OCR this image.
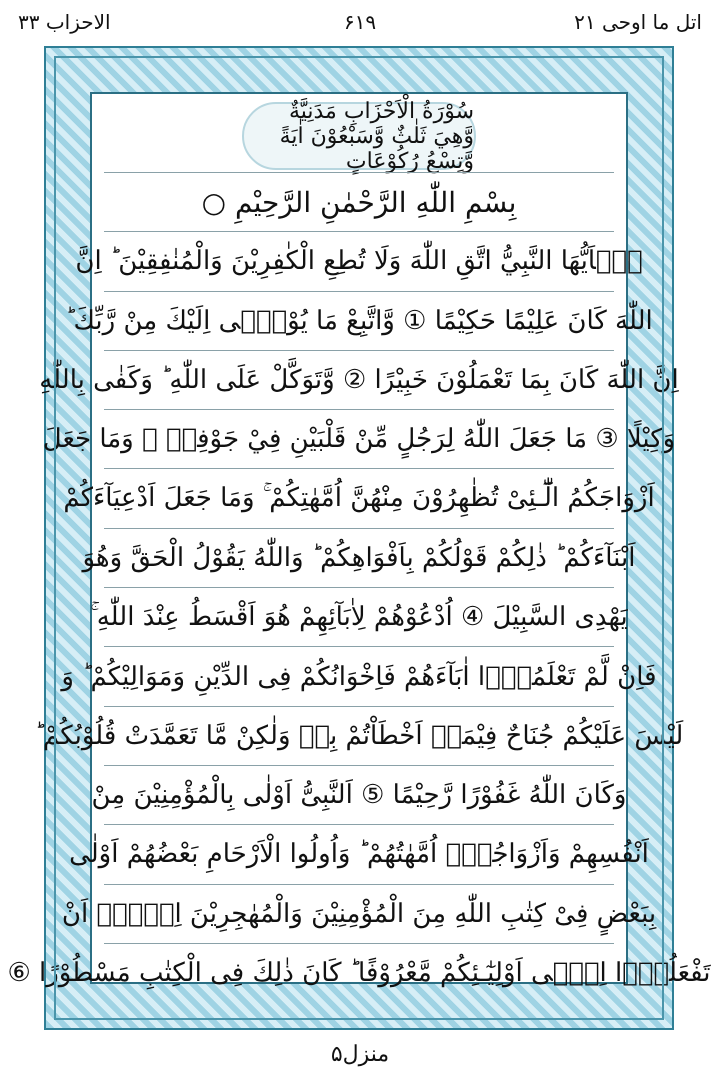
الاحزاب ۳۳	۶۱۹	اتل ما اوحی ۲۱
سُوْرَةُ الْاَحْزَابِ مَدَنِيَّةٌ وَّهِيَ ثَلٰثٌ وَّسَبْعُوْنَ اٰيَةً وَّتِسْعُ رُكُوْعَاتٍ
بِسْمِ اللّٰهِ الرَّحْمٰنِ الرَّحِيْمِ ○
يٰۤاَيُّهَا النَّبِيُّ اتَّقِ اللّٰهَ وَلَا تُطِعِ الْكٰفِرِيْنَ وَالْمُنٰفِقِيْنَ ؕ اِنَّ
اللّٰهَ كَانَ عَلِيْمًا حَكِيْمًا ① وَّاتَّبِعْ مَا يُوْحٰۤى اِلَيْكَ مِنْ رَّبِّكَ ؕ
اِنَّ اللّٰهَ كَانَ بِمَا تَعْمَلُوْنَ خَبِيْرًا ② وَّتَوَكَّلْ عَلَى اللّٰهِ ؕ وَكَفٰى بِاللّٰهِ
وَكِيْلًا ③ مَا جَعَلَ اللّٰهُ لِرَجُلٍ مِّنْ قَلْبَيْنِ فِيْ جَوْفِهٖ ۚ وَمَا جَعَلَ
اَزْوَاجَكُمُ الّٰٓـئِیْ تُظٰهِرُوْنَ مِنْهُنَّ اُمَّهٰتِكُمْ ۚ وَمَا جَعَلَ اَدْعِيَآءَكُمْ
اَبْنَآءَكُمْ ؕ ذٰلِكُمْ قَوْلُكُمْ بِاَفْوَاهِكُمْ ؕ وَاللّٰهُ يَقُوْلُ الْحَقَّ وَهُوَ
يَهْدِى السَّبِيْلَ ④ اُدْعُوْهُمْ لِاٰبَآئِهِمْ هُوَ اَقْسَطُ عِنْدَ اللّٰهِ ۚ
فَاِنْ لَّمْ تَعْلَمُوْۤا اٰبَآءَهُمْ فَاِخْوَانُكُمْ فِى الدِّيْنِ وَمَوَالِيْكُمْ ؕ وَ
لَيْسَ عَلَيْكُمْ جُنَاحٌ فِيْمَاۤ اَخْطَاْتُمْ بِهٖ وَلٰكِنْ مَّا تَعَمَّدَتْ قُلُوْبُكُمْ ؕ
وَكَانَ اللّٰهُ غَفُوْرًا رَّحِيْمًا ⑤ اَلنَّبِىُّ اَوْلٰى بِالْمُؤْمِنِيْنَ مِنْ
اَنْفُسِهِمْ وَاَزْوَاجُهٗۤ اُمَّهٰتُهُمْ ؕ وَاُولُوا الْاَرْحَامِ بَعْضُهُمْ اَوْلٰى
بِبَعْضٍ فِىْ كِتٰبِ اللّٰهِ مِنَ الْمُؤْمِنِيْنَ وَالْمُهٰجِرِيْنَ اِلَّاۤ اَنْ
تَفْعَلُوْۤا اِلٰۤى اَوْلِيٰٓـئِكُمْ مَّعْرُوْفًا ؕ كَانَ ذٰلِكَ فِى الْكِتٰبِ مَسْطُوْرًا ⑥
منزل۵
